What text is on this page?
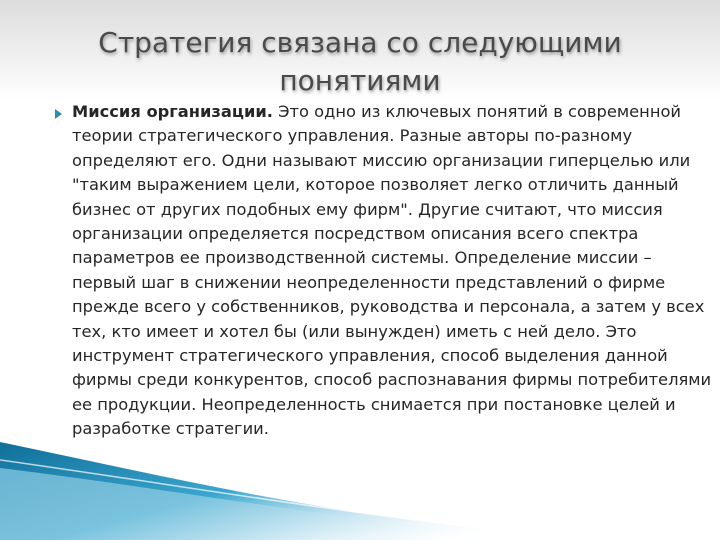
Стратегия связана со следующими понятиями

Миссия организации. Это одно из ключевых понятий в современной теории стратегического управления. Разные авторы по-разному определяют его. Одни называют миссию организации гиперцелью или "таким выражением цели, которое позволяет легко отличить данный бизнес от других подобных ему фирм". Другие считают, что миссия организации определяется посредством описания всего спектра параметров ее производственной системы. Определение миссии – первый шаг в снижении неопределенности представлений о фирме прежде всего у собственников, руководства и персонала, а затем у всех тех, кто имеет и хотел бы (или вынужден) иметь с ней дело. Это инструмент стратегического управления, способ выделения данной фирмы среди конкурентов, способ распознавания фирмы потребителями ее продукции. Неопределенность снимается при постановке целей и разработке стратегии.
